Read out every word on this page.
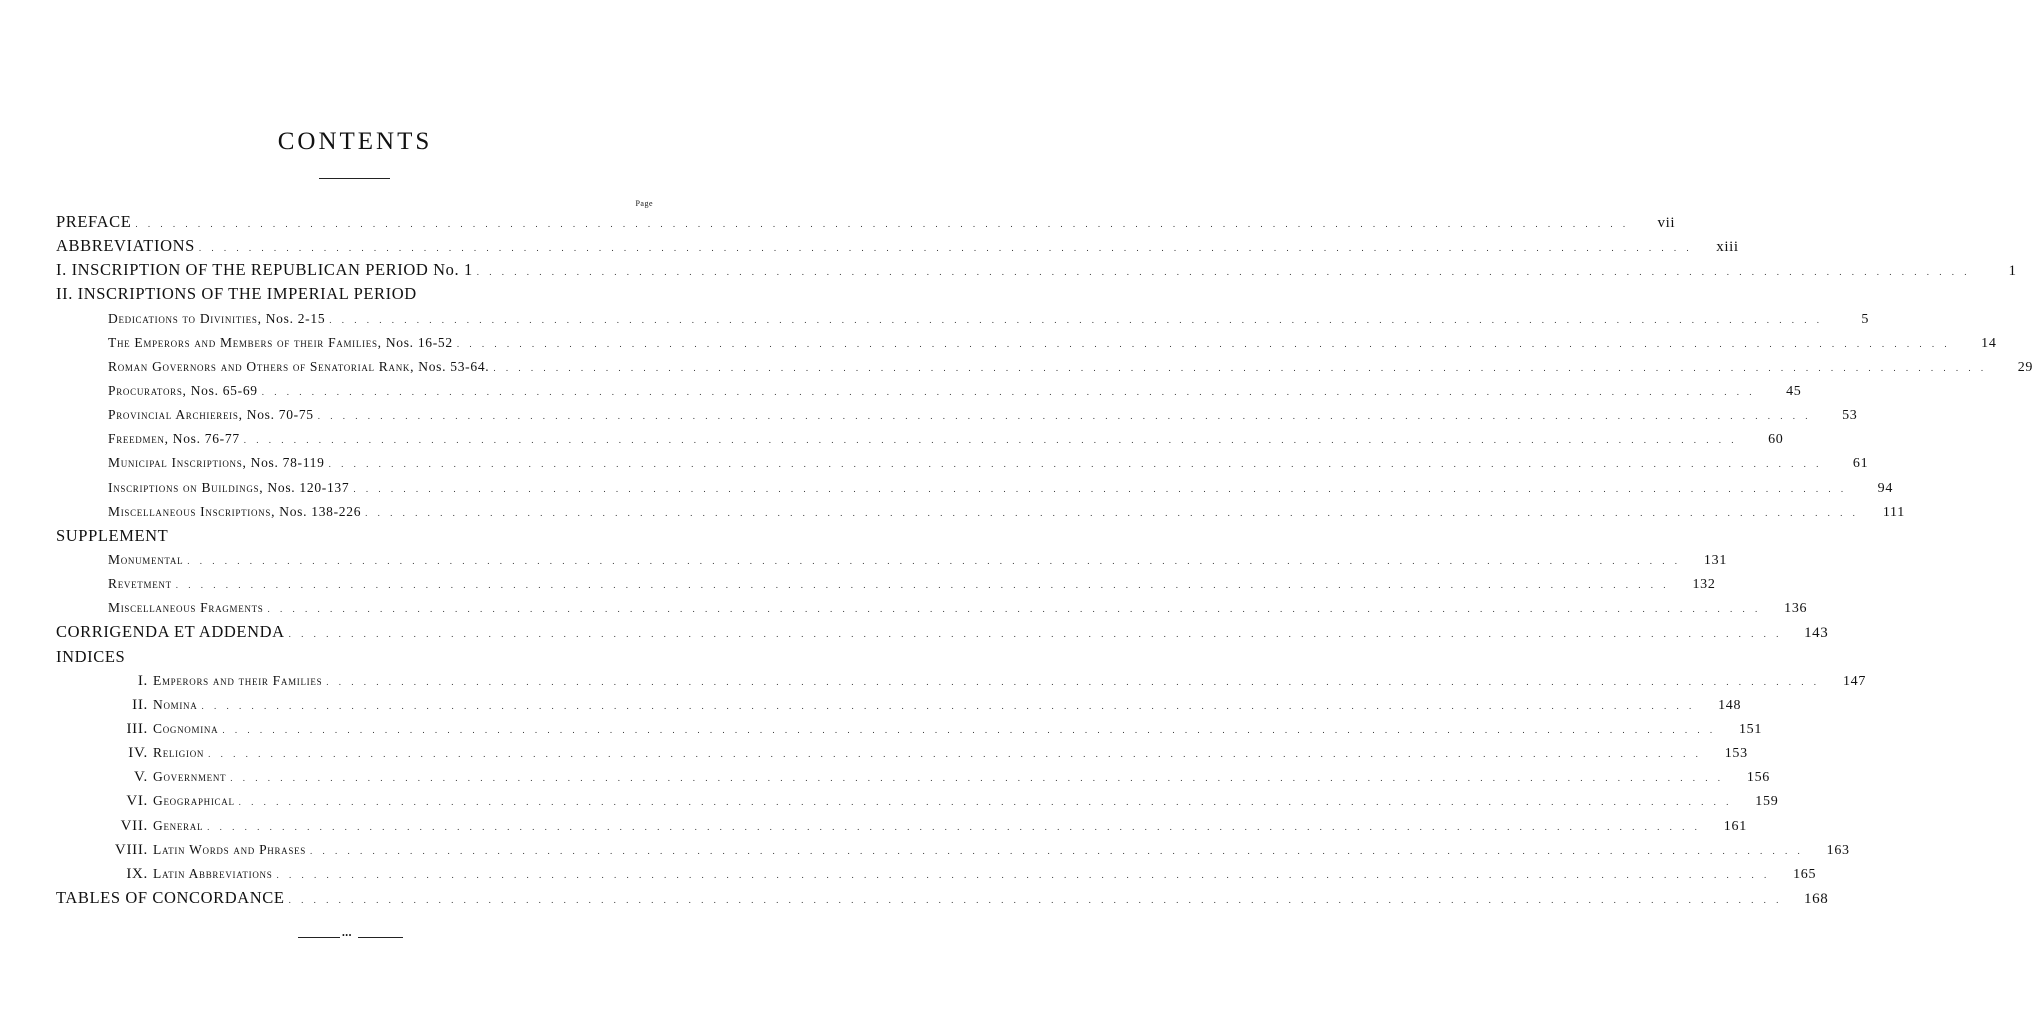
CONTENTS
Page
PREFACE . . . . . . . . . . . . . . . . . . . . . . . . . . . . . . . . . . . . . . . . . . . . . . . . . . . . . . . . . . . . . . . . . . . . . . . . . . . . . . . . . . . . . . . . . . . . . . . . . . . . . . . . . . . . . . . . . . . . . . . .	vii
ABBREVIATIONS . . . . . . . . . . . . . . . . . . . . . . . . . . . . . . . . . . . . . . . . . . . . . . . . . . . . . . . . . . . . . . . . . . . . . . . . . . . . . . . . . . . . . . . . . . . . . . . . . . . . . . . . . . . . . . . . . . . . . . . .	xiii
I. INSCRIPTION OF THE REPUBLICAN PERIOD No. 1 . . . . . . . . . . . . . . . . . . . . . . . . . . . . . . . . . . . . . . . . . . . . . . . . . . . . . . . . . . . . . . . . . . . . . . . . . . . . . . . . . . . . . . . . . . . . . . . . . . . . . . . . . . . . . . . . . . . . . . . .	1
II. INSCRIPTIONS OF THE IMPERIAL PERIOD
Dedications to Divinities, Nos. 2-15 . . . . . . . . . . . . . . . . . . . . . . . . . . . . . . . . . . . . . . . . . . . . . . . . . . . . . . . . . . . . . . . . . . . . . . . . . . . . . . . . . . . . . . . . . . . . . . . . . . . . . . . . . . . . . . . . . . . . . . . .	5
The Emperors and Members of their Families, Nos. 16-52 . . . . . . . . . . . . . . . . . . . . . . . . . . . . . . . . . . . . . . . . . . . . . . . . . . . . . . . . . . . . . . . . . . . . . . . . . . . . . . . . . . . . . . . . . . . . . . . . . . . . . . . . . . . . . . . . . . . . . . . .	14
Roman Governors and Others of Senatorial Rank, Nos. 53-64. . . . . . . . . . . . . . . . . . . . . . . . . . . . . . . . . . . . . . . . . . . . . . . . . . . . . . . . . . . . . . . . . . . . . . . . . . . . . . . . . . . . . . . . . . . . . . . . . . . . . . . . . . . . . . . . . . . . . . . . .	29
Procurators, Nos. 65-69 . . . . . . . . . . . . . . . . . . . . . . . . . . . . . . . . . . . . . . . . . . . . . . . . . . . . . . . . . . . . . . . . . . . . . . . . . . . . . . . . . . . . . . . . . . . . . . . . . . . . . . . . . . . . . . . . . . . . . . . .	45
Provincial Archiereis, Nos. 70-75 . . . . . . . . . . . . . . . . . . . . . . . . . . . . . . . . . . . . . . . . . . . . . . . . . . . . . . . . . . . . . . . . . . . . . . . . . . . . . . . . . . . . . . . . . . . . . . . . . . . . . . . . . . . . . . . . . . . . . . . .	53
Freedmen, Nos. 76-77 . . . . . . . . . . . . . . . . . . . . . . . . . . . . . . . . . . . . . . . . . . . . . . . . . . . . . . . . . . . . . . . . . . . . . . . . . . . . . . . . . . . . . . . . . . . . . . . . . . . . . . . . . . . . . . . . . . . . . . . .	60
Municipal Inscriptions, Nos. 78-119 . . . . . . . . . . . . . . . . . . . . . . . . . . . . . . . . . . . . . . . . . . . . . . . . . . . . . . . . . . . . . . . . . . . . . . . . . . . . . . . . . . . . . . . . . . . . . . . . . . . . . . . . . . . . . . . . . . . . . . . .	61
Inscriptions on Buildings, Nos. 120-137 . . . . . . . . . . . . . . . . . . . . . . . . . . . . . . . . . . . . . . . . . . . . . . . . . . . . . . . . . . . . . . . . . . . . . . . . . . . . . . . . . . . . . . . . . . . . . . . . . . . . . . . . . . . . . . . . . . . . . . . .	94
Miscellaneous Inscriptions, Nos. 138-226 . . . . . . . . . . . . . . . . . . . . . . . . . . . . . . . . . . . . . . . . . . . . . . . . . . . . . . . . . . . . . . . . . . . . . . . . . . . . . . . . . . . . . . . . . . . . . . . . . . . . . . . . . . . . . . . . . . . . . . . .	111
SUPPLEMENT
Monumental . . . . . . . . . . . . . . . . . . . . . . . . . . . . . . . . . . . . . . . . . . . . . . . . . . . . . . . . . . . . . . . . . . . . . . . . . . . . . . . . . . . . . . . . . . . . . . . . . . . . . . . . . . . . . . . . . . . . . . . .	131
Revetment . . . . . . . . . . . . . . . . . . . . . . . . . . . . . . . . . . . . . . . . . . . . . . . . . . . . . . . . . . . . . . . . . . . . . . . . . . . . . . . . . . . . . . . . . . . . . . . . . . . . . . . . . . . . . . . . . . . . . . . .	132
Miscellaneous Fragments . . . . . . . . . . . . . . . . . . . . . . . . . . . . . . . . . . . . . . . . . . . . . . . . . . . . . . . . . . . . . . . . . . . . . . . . . . . . . . . . . . . . . . . . . . . . . . . . . . . . . . . . . . . . . . . . . . . . . . . .	136
CORRIGENDA ET ADDENDA . . . . . . . . . . . . . . . . . . . . . . . . . . . . . . . . . . . . . . . . . . . . . . . . . . . . . . . . . . . . . . . . . . . . . . . . . . . . . . . . . . . . . . . . . . . . . . . . . . . . . . . . . . . . . . . . . . . . . . . .	143
INDICES
I. Emperors and their Families . . . . . . . . . . . . . . . . . . . . . . . . . . . . . . . . . . . . . . . . . . . . . . . . . . . . . . . . . . . . . . . . . . . . . . . . . . . . . . . . . . . . . . . . . . . . . . . . . . . . . . . . . . . . . . . . . . . . . . . .	147
II. Nomina . . . . . . . . . . . . . . . . . . . . . . . . . . . . . . . . . . . . . . . . . . . . . . . . . . . . . . . . . . . . . . . . . . . . . . . . . . . . . . . . . . . . . . . . . . . . . . . . . . . . . . . . . . . . . . . . . . . . . . . .	148
III. Cognomina . . . . . . . . . . . . . . . . . . . . . . . . . . . . . . . . . . . . . . . . . . . . . . . . . . . . . . . . . . . . . . . . . . . . . . . . . . . . . . . . . . . . . . . . . . . . . . . . . . . . . . . . . . . . . . . . . . . . . . . .	151
IV. Religion . . . . . . . . . . . . . . . . . . . . . . . . . . . . . . . . . . . . . . . . . . . . . . . . . . . . . . . . . . . . . . . . . . . . . . . . . . . . . . . . . . . . . . . . . . . . . . . . . . . . . . . . . . . . . . . . . . . . . . . .	153
V. Government . . . . . . . . . . . . . . . . . . . . . . . . . . . . . . . . . . . . . . . . . . . . . . . . . . . . . . . . . . . . . . . . . . . . . . . . . . . . . . . . . . . . . . . . . . . . . . . . . . . . . . . . . . . . . . . . . . . . . . . .	156
VI. Geographical . . . . . . . . . . . . . . . . . . . . . . . . . . . . . . . . . . . . . . . . . . . . . . . . . . . . . . . . . . . . . . . . . . . . . . . . . . . . . . . . . . . . . . . . . . . . . . . . . . . . . . . . . . . . . . . . . . . . . . . .	159
VII. General . . . . . . . . . . . . . . . . . . . . . . . . . . . . . . . . . . . . . . . . . . . . . . . . . . . . . . . . . . . . . . . . . . . . . . . . . . . . . . . . . . . . . . . . . . . . . . . . . . . . . . . . . . . . . . . . . . . . . . . .	161
VIII. Latin Words and Phrases . . . . . . . . . . . . . . . . . . . . . . . . . . . . . . . . . . . . . . . . . . . . . . . . . . . . . . . . . . . . . . . . . . . . . . . . . . . . . . . . . . . . . . . . . . . . . . . . . . . . . . . . . . . . . . . . . . . . . . . .	163
IX. Latin Abbreviations . . . . . . . . . . . . . . . . . . . . . . . . . . . . . . . . . . . . . . . . . . . . . . . . . . . . . . . . . . . . . . . . . . . . . . . . . . . . . . . . . . . . . . . . . . . . . . . . . . . . . . . . . . . . . . . . . . . . . . . .	165
TABLES OF CONCORDANCE . . . . . . . . . . . . . . . . . . . . . . . . . . . . . . . . . . . . . . . . . . . . . . . . . . . . . . . . . . . . . . . . . . . . . . . . . . . . . . . . . . . . . . . . . . . . . . . . . . . . . . . . . . . . . . . . . . . . . . . .	168
•••
